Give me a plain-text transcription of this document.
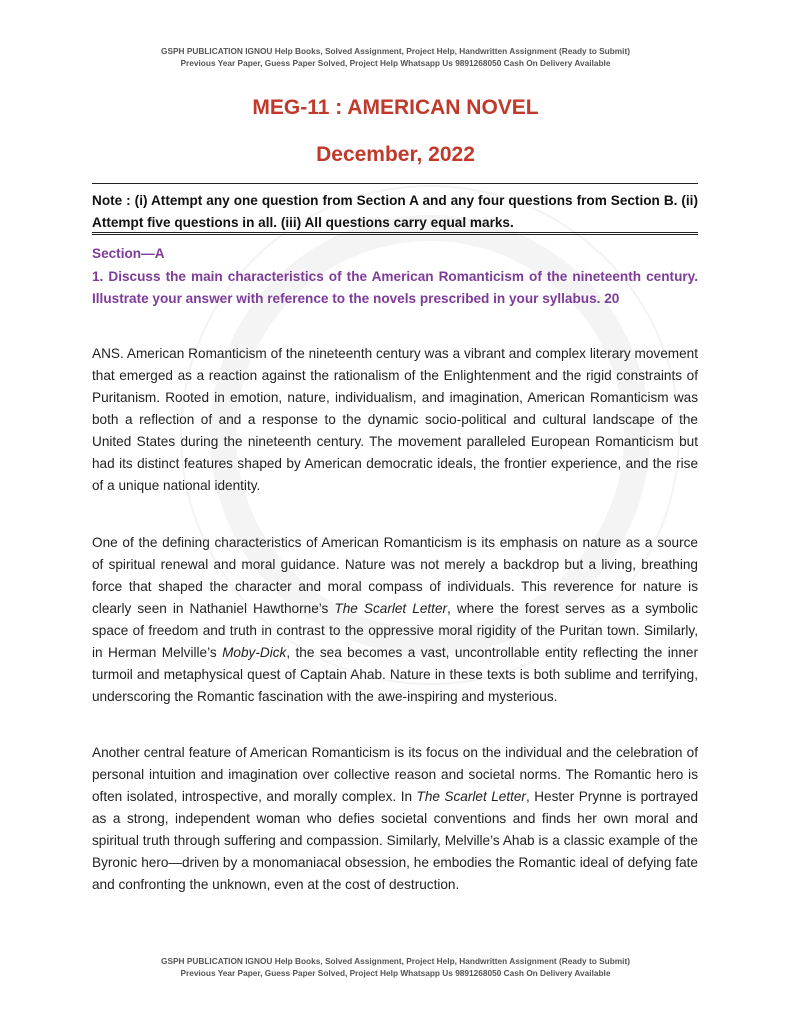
GSPH PUBLICATION IGNOU Help Books, Solved Assignment, Project Help, Handwritten Assignment (Ready to Submit)
Previous Year Paper, Guess Paper Solved, Project Help Whatsapp Us 9891268050 Cash On Delivery Available
MEG-11 : AMERICAN NOVEL
December, 2022
Note : (i) Attempt any one question from Section A and any four questions from Section B. (ii) Attempt five questions in all. (iii) All questions carry equal marks.
Section—A
1. Discuss the main characteristics of the American Romanticism of the nineteenth century. Illustrate your answer with reference to the novels prescribed in your syllabus. 20
ANS. American Romanticism of the nineteenth century was a vibrant and complex literary movement that emerged as a reaction against the rationalism of the Enlightenment and the rigid constraints of Puritanism. Rooted in emotion, nature, individualism, and imagination, American Romanticism was both a reflection of and a response to the dynamic socio-political and cultural landscape of the United States during the nineteenth century. The movement paralleled European Romanticism but had its distinct features shaped by American democratic ideals, the frontier experience, and the rise of a unique national identity.
One of the defining characteristics of American Romanticism is its emphasis on nature as a source of spiritual renewal and moral guidance. Nature was not merely a backdrop but a living, breathing force that shaped the character and moral compass of individuals. This reverence for nature is clearly seen in Nathaniel Hawthorne’s The Scarlet Letter, where the forest serves as a symbolic space of freedom and truth in contrast to the oppressive moral rigidity of the Puritan town. Similarly, in Herman Melville’s Moby-Dick, the sea becomes a vast, uncontrollable entity reflecting the inner turmoil and metaphysical quest of Captain Ahab. Nature in these texts is both sublime and terrifying, underscoring the Romantic fascination with the awe-inspiring and mysterious.
Another central feature of American Romanticism is its focus on the individual and the celebration of personal intuition and imagination over collective reason and societal norms. The Romantic hero is often isolated, introspective, and morally complex. In The Scarlet Letter, Hester Prynne is portrayed as a strong, independent woman who defies societal conventions and finds her own moral and spiritual truth through suffering and compassion. Similarly, Melville’s Ahab is a classic example of the Byronic hero—driven by a monomaniacal obsession, he embodies the Romantic ideal of defying fate and confronting the unknown, even at the cost of destruction.
GSPH PUBLICATION IGNOU Help Books, Solved Assignment, Project Help, Handwritten Assignment (Ready to Submit)
Previous Year Paper, Guess Paper Solved, Project Help Whatsapp Us 9891268050 Cash On Delivery Available
